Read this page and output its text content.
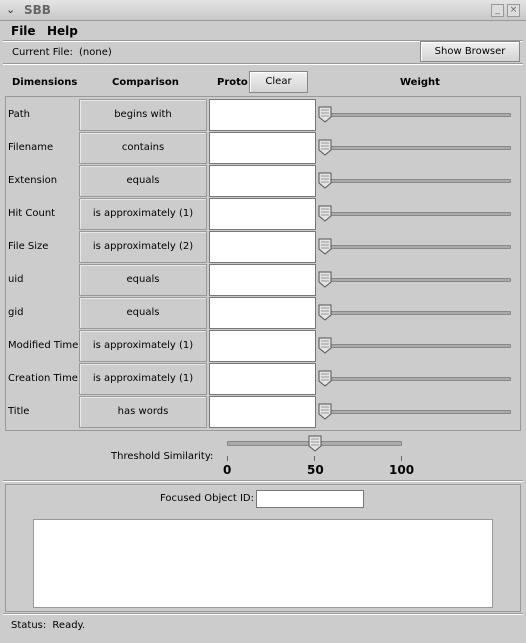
⌄ SBB	_	×
File Help
Current File: (none)	Show Browser
Dimensions	Comparison	Proto	Clear	Weight
Path	begins with
Filename	contains
Extension	equals
Hit Count	is approximately (1)
File Size	is approximately (2)
uid	equals
gid	equals
Modified Time	is approximately (1)
Creation Time	is approximately (1)
Title	has words
Threshold Similarity:
0	50	100
Focused Object ID:
Status: Ready.
